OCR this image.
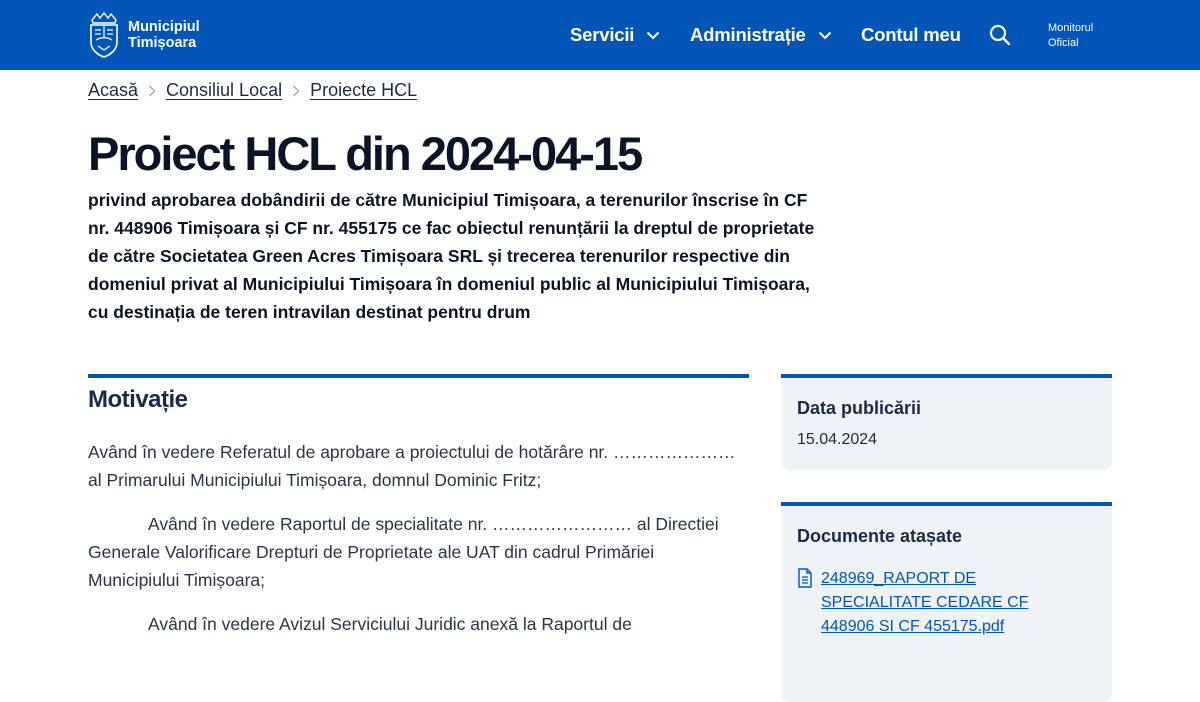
Municipiul
Timișoara	Servicii	Administrație	Contul meu	Monitorul
Oficial
Acasă Consiliul Local Proiecte HCL
Proiect HCL din 2024-04-15

privind aprobarea dobândirii de către Municipiul Timișoara, a terenurilor înscrise în CF nr. 448906 Timișoara și CF nr. 455175 ce fac obiectul renunțării la dreptul de proprietate de către Societatea Green Acres Timișoara SRL și trecerea terenurilor respective din domeniul privat al Municipiului Timișoara în domeniul public al Municipiului Timișoara, cu destinația de teren intravilan destinat pentru drum

Motivație

Având în vedere Referatul de aprobare a proiectului de hotărâre nr. ………………… al Primarului Municipiului Timișoara, domnul Dominic Fritz;

Având în vedere Raportul de specialitate nr. …………………… al Directiei Generale Valorificare Drepturi de Proprietate ale UAT din cadrul Primăriei Municipiului Timișoara;

Având în vedere Avizul Serviciului Juridic anexă la Raportul de

Data publicării
15.04.2024
Documente atașate
248969_RAPORT DE SPECIALITATE CEDARE CF 448906 SI CF 455175.pdf
